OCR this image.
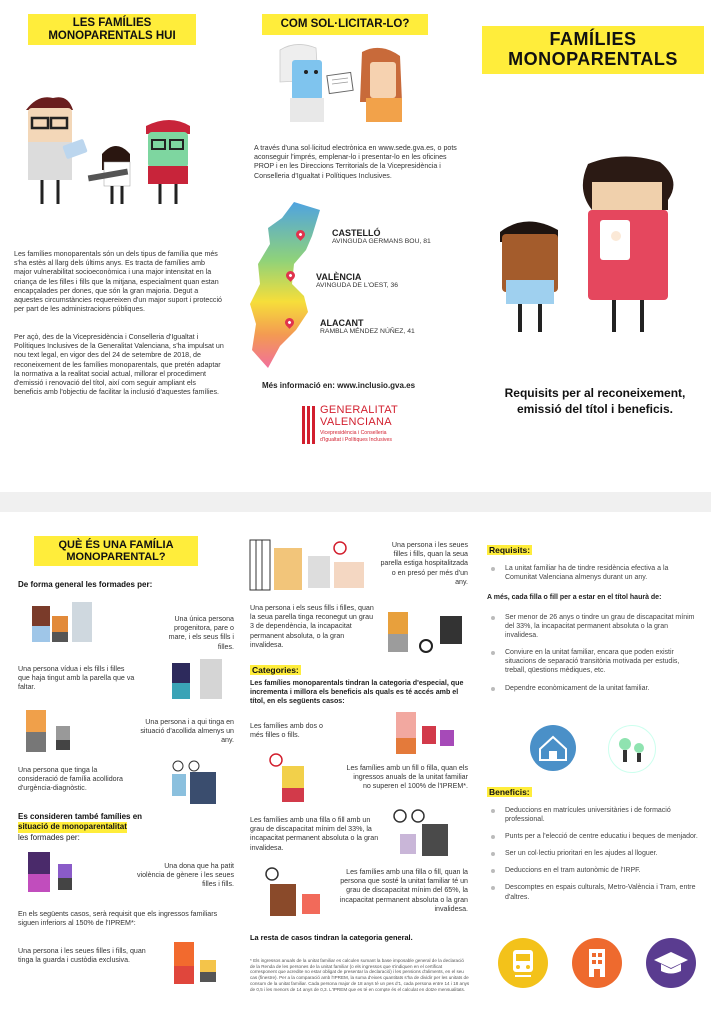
LES FAMÍLIES
MONOPARENTALS HUI
Les famílies monoparentals són un dels tipus de família que més s'ha estès al llarg dels últims anys. Es tracta de famílies amb major vulnerabilitat socioeconòmica i una major intensitat en la criança de les filles i fills que la mitjana, especialment quan estan encapçalades per dones, que són la gran majoria. Degut a aquestes circumstàncies requereixen d'un major suport i protecció per part de les administracions públiques.
Per açò, des de la Vicepresidència i Conselleria d'Igualtat i Polítiques Inclusives de la Generalitat Valenciana, s'ha impulsat un nou text legal, en vigor des del 24 de setembre de 2018, de reconeixement de les famílies monoparentals, que pretén adaptar la normativa a la realitat social actual, millorar el procediment d'emissió i renovació del títol, així com seguir ampliant els beneficis amb l'objectiu de facilitar la inclusió d'aquestes famílies.
COM SOL·LICITAR-LO?
A través d'una sol·licitud electrònica en www.sede.gva.es, o pots aconseguir l'imprés, emplenar-lo i presentar-lo en les oficines PROP i en les Direccions Territorials de la Vicepresidència i Conselleria d'Igualtat i Polítiques Inclusives.
CASTELLÓ
AVINGUDA GERMANS BOU, 81
VALÈNCIA
AVINGUDA DE L'OEST, 36
ALACANT
RAMBLA MÉNDEZ NÚÑEZ, 41
Més informació en: www.inclusio.gva.es
GENERALITAT
VALENCIANA
Vicepresidència i Conselleria
d'Igualtat i Polítiques Inclusives
FAMÍLIES
MONOPARENTALS
Requisits per al reconeixement,
emissió del títol i beneficis.
QUÈ ÉS UNA FAMÍLIA
MONOPARENTAL?
De forma general les formades per:
Una única persona progenitora, pare o mare, i els seus fills i filles.
Una persona vídua i els fills i filles que haja tingut amb la parella que va faltar.
Una persona i a qui tinga en situació d'acollida almenys un any.
Una persona que tinga la consideració de família acollidora d'urgència-diagnòstic.
Es consideren també famílies en
situació de monoparentalitat
les formades per:
Una dona que ha patit violència de gènere i les seues filles i fills.
En els següents casos, serà requisit que els ingressos familiars siguen inferiors al 150% de l'IPREM*:
Una persona i les seues filles i fills, quan tinga la guarda i custòdia exclusiva.
Una persona i les seues filles i fills, quan la seua parella estiga hospitalitzada o en presó per més d'un any.
Una persona i els seus fills i filles, quan la seua parella tinga reconegut un grau 3 de dependència, la incapacitat permanent absoluta, o la gran invalidesa.
Categories:
Les famílies monoparentals tindran la categoria d'especial, que incrementa i millora els beneficis als quals es té accés amb el títol, en els següents casos:
Les famílies amb dos o més filles o fills.
Les famílies amb un fill o filla, quan els ingressos anuals de la unitat familiar no superen el 100% de l'IPREM*.
Les famílies amb una filla o fill amb un grau de discapacitat mínim del 33%, la incapacitat permanent absoluta o la gran invalidesa.
Les famílies amb una filla o fill, quan la persona que sosté la unitat familiar té un grau de discapacitat mínim del 65%, la incapacitat permanent absoluta o la gran invalidesa.
La resta de casos tindran la categoria general.
* Els ingressos anuals de la unitat familiar es calculen sumant la base imposable general de la declaració de la Renda de les persones de la unitat familiar (o els ingressos que s'indiquen en el certificat corresponent que acredite no estar obligat de presentar la declaració) i les pensions d'aliments, en el seu cas (finestre). Per a la comparació amb l'IPREM, la suma d'eixes quantitats s'ha de dividir per les unitats de consum de la unitat familiar. Cada persona major de 18 anys té un pes d'1, cada persona entre 14 i 18 anys de 0,5 i les menors de 14 anys de 0,3. L'IPREM que es té en compte és el calculat en dotze mensualitats.
Requisits:
La unitat familiar ha de tindre residència efectiva a la Comunitat Valenciana almenys durant un any.
A més, cada filla o fill per a estar en el títol haurà de:
Ser menor de 26 anys o tindre un grau de discapacitat mínim del 33%, la incapacitat permanent absoluta o la gran invalidesa.
Conviure en la unitat familiar, encara que poden existir situacions de separació transitòria motivada per estudis, treball, qüestions mèdiques, etc.
Dependre econòmicament de la unitat familiar.
Beneficis:
Deduccions en matrícules universitàries i de formació professional.
Punts per a l'elecció de centre educatiu i beques de menjador.
Ser un col·lectiu prioritari en les ajudes al lloguer.
Deduccions en el tram autonòmic de l'IRPF.
Descomptes en espais culturals, Metro-València i Tram, entre d'altres.
